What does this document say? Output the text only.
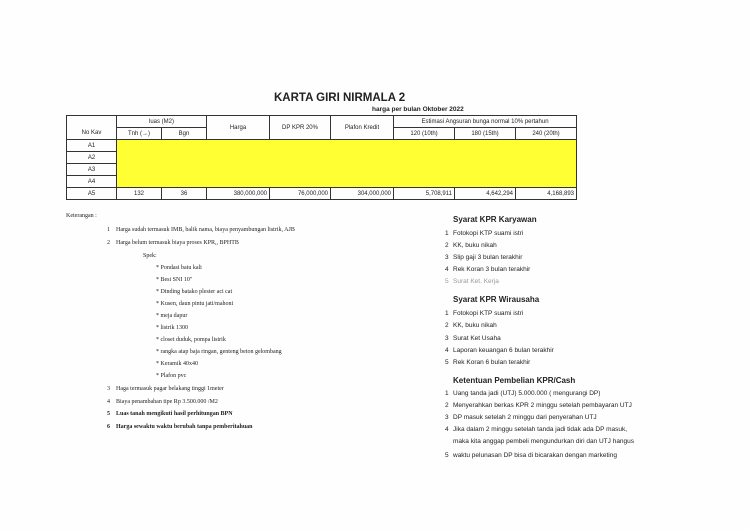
KARTA GIRI NIRMALA 2
harga per bulan Oktober 2022
	luas (M2)		Harga	DP KPR 20%	Plafon Kredit	Estimasi Angsuran bunga normal 10% pertahun		
No Kav	Tnh (→)	Bgn				120 (10th)	180 (15th)	240 (20th)
A1								
A2								
A3								
A4								
A5	132	36	380,000,000	76,000,000	304,000,000	5,708,911	4,642,294	4,168,893
Keterangan :
1 Harga sudah termasuk IMB, balik nama, biaya penyambungan listrik, AJB
2 Harga belum termasuk biaya proses KPR,, BPHTB
Spek:
* Pondasi batu kali
* Besi SNI 10"
* Dinding batako plester aci cat
* Kusen, daun pintu jati/mahoni
* meja dapur
* listrik 1300
* closet duduk, pompa listrik
* rangka atap baja ringan, genteng beton gelombang
* Keramik 40x40
* Plafon pvc
3 Haga termasuk pagar belakang tinggi 1meter
4 Biaya penambahan tipe Rp 3.500.000 /M2
5 Luas tanah mengikuti hasil perhitungan BPN
6 Harga sewaktu waktu berubah tanpa pemberitahuan
Syarat KPR Karyawan
1 Fotokopi KTP suami istri
2 KK, buku nikah
3 Slip gaji 3 bulan terakhir
4 Rek Koran 3 bulan terakhir
5 Surat Ket. Kerja
Syarat KPR Wirausaha
1 Fotokopi KTP suami istri
2 KK, buku nikah
3 Surat Ket Usaha
4 Laporan keuangan 6 bulan terakhir
5 Rek Koran 6 bulan terakhir
Ketentuan Pembelian KPR/Cash
1 Uang tanda jadi (UTJ) 5.000.000 ( mengurangi DP)
2 Menyerahkan berkas KPR 2 minggu setelah pembayaran UTJ
3 DP masuk setelah 2 minggu dari penyerahan UTJ
4 Jika dalam 2 minggu setelah tanda jadi tidak ada DP masuk,
maka kita anggap pembeli mengundurkan diri dan UTJ hangus
5 waktu pelunasan DP bisa di bicarakan dengan marketing
